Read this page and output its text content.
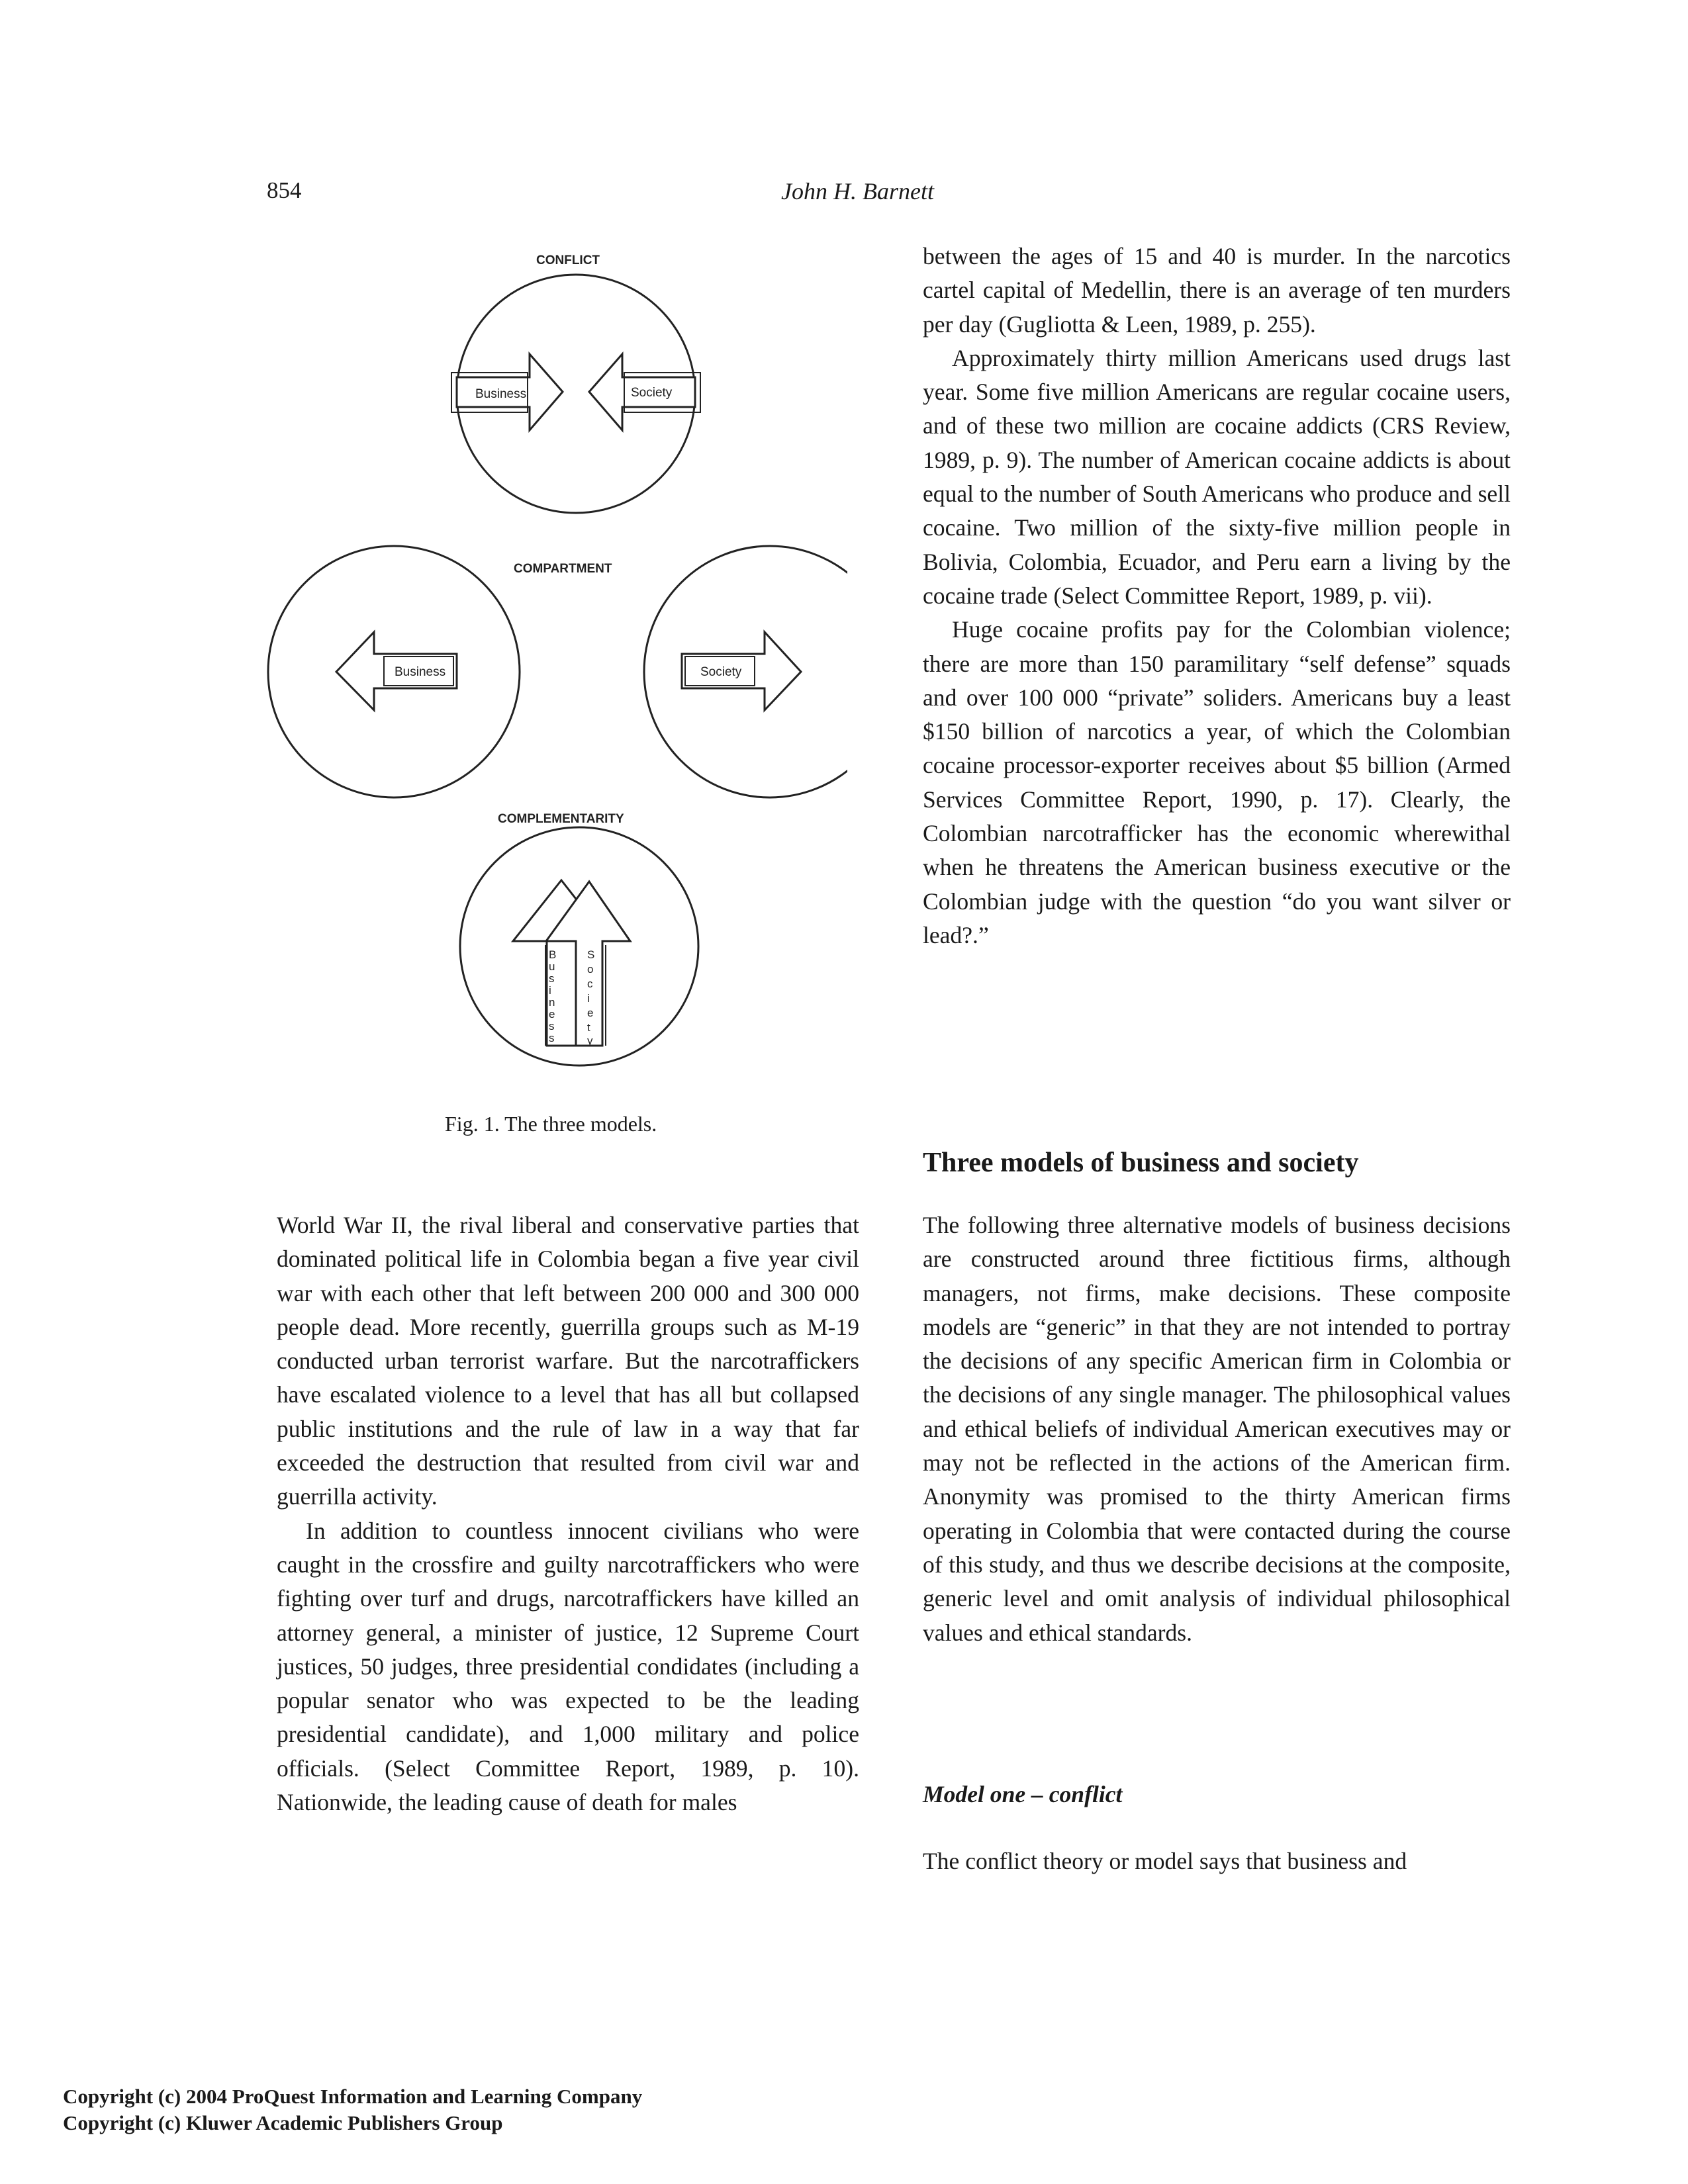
854	John H. Barnett
Business	Society
Business	Society
B
u
s
i
n
e
s
s
S
o
c
i
e
t
y
CONFLICT
COMPARTMENT
COMPLEMENTARITY
Fig. 1. The three models.

between the ages of 15 and 40 is murder. In the narcotics cartel capital of Medellin, there is an average of ten murders per day (Gugliotta & Leen, 1989, p. 255).

Approximately thirty million Americans used drugs last year. Some five million Americans are regular cocaine users, and of these two million are cocaine addicts (CRS Review, 1989, p. 9). The number of American cocaine addicts is about equal to the number of South Americans who produce and sell cocaine. Two million of the sixty-five million people in Bolivia, Colombia, Ecuador, and Peru earn a living by the cocaine trade (Select Committee Report, 1989, p. vii).

Huge cocaine profits pay for the Colombian violence; there are more than 150 paramilitary “self defense” squads and over 100 000 “private” soliders. Americans buy a least $150 billion of narcotics a year, of which the Colombian cocaine processor-exporter receives about $5 billion (Armed Services Committee Report, 1990, p. 17). Clearly, the Colombian narcotrafficker has the economic wherewithal when he threatens the American business executive or the Colombian judge with the question “do you want silver or lead?.”

Three models of business and society

World War II, the rival liberal and conservative parties that dominated political life in Colombia began a five year civil war with each other that left between 200 000 and 300 000 people dead. More recently, guerrilla groups such as M-19 conducted urban terrorist warfare. But the narcotraffickers have escalated violence to a level that has all but collapsed public institutions and the rule of law in a way that far exceeded the destruction that resulted from civil war and guerrilla activity.

In addition to countless innocent civilians who were caught in the crossfire and guilty narcotraffickers who were fighting over turf and drugs, narcotraffickers have killed an attorney general, a minister of justice, 12 Supreme Court justices, 50 judges, three presidential condidates (including a popular senator who was expected to be the leading presidential candidate), and 1,000 military and police officials. (Select Committee Report, 1989, p. 10). Nationwide, the leading cause of death for males

The following three alternative models of business decisions are constructed around three fictitious firms, although managers, not firms, make decisions. These composite models are “generic” in that they are not intended to portray the decisions of any specific American firm in Colombia or the decisions of any single manager. The philosophical values and ethical beliefs of individual American executives may or may not be reflected in the actions of the American firm. Anonymity was promised to the thirty American firms operating in Colombia that were contacted during the course of this study, and thus we describe decisions at the composite, generic level and omit analysis of individual philosophical values and ethical standards.

Model one – conflict

The conflict theory or model says that business and

Copyright (c) 2004 ProQuest Information and Learning Company
Copyright (c) Kluwer Academic Publishers Group
